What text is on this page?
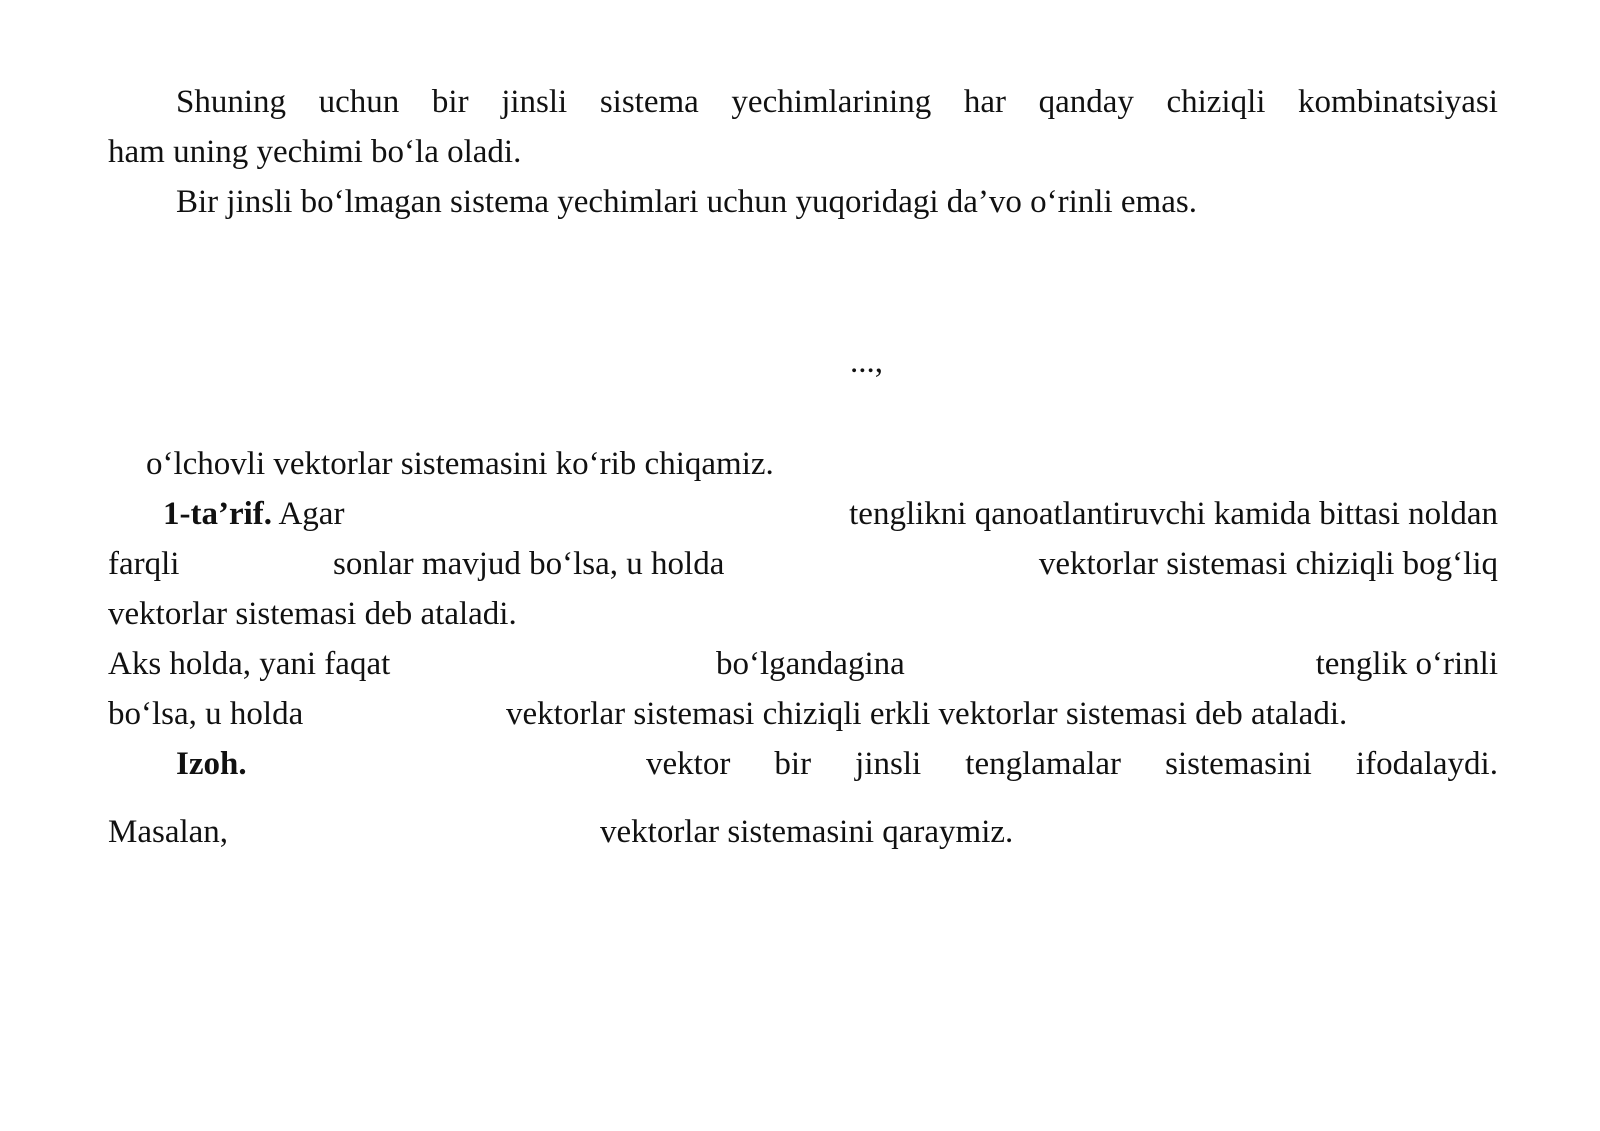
Shuning uchun bir jinsli sistema yechimlarining har qanday chiziqli kombinatsiyasi
ham uning yechimi bo‘la oladi.
Bir jinsli bo‘lmagan sistema yechimlari uchun yuqoridagi da’vo o‘rinli emas.
...,
o‘lchovli vektorlar sistemasini ko‘rib chiqamiz.
1-ta’rif. Agar	tenglikni qanoatlantiruvchi kamida bittasi noldan
farqli	sonlar mavjud bo‘lsa, u holda	vektorlar sistemasi chiziqli bog‘liq
vektorlar sistemasi deb ataladi.
Aks holda, yani faqat	bo‘lgandagina	tenglik o‘rinli
bo‘lsa, u holda	vektorlar sistemasi chiziqli erkli vektorlar sistemasi deb ataladi.
Izoh.	vektor bir jinsli tenglamalar sistemasini ifodalaydi.
Masalan,	vektorlar sistemasini qaraymiz.
